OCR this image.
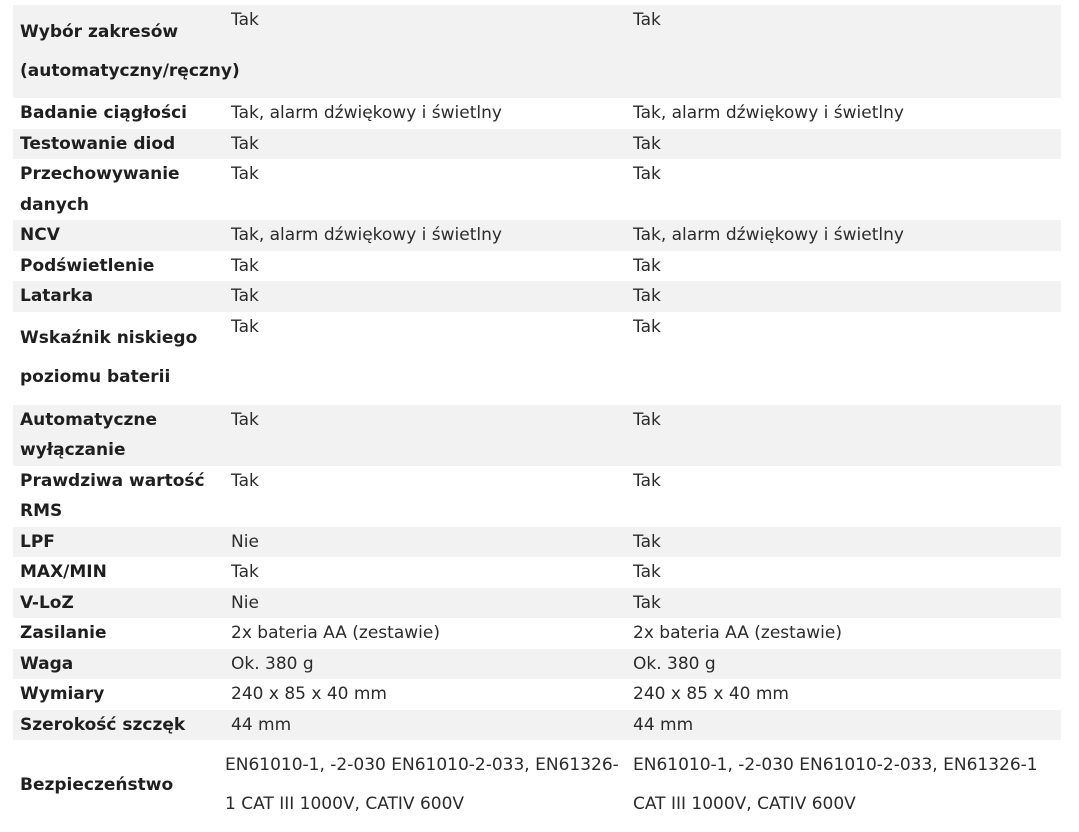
Wybór zakresów (automatyczny/ręczny)	Tak	Tak
Badanie ciągłości	Tak, alarm dźwiękowy i świetlny	Tak, alarm dźwiękowy i świetlny
Testowanie diod	Tak	Tak
Przechowywanie danych	Tak	Tak
NCV	Tak, alarm dźwiękowy i świetlny	Tak, alarm dźwiękowy i świetlny
Podświetlenie	Tak	Tak
Latarka	Tak	Tak
Wskaźnik niskiego poziomu baterii	Tak	Tak
Automatyczne wyłączanie	Tak	Tak
Prawdziwa wartość RMS	Tak	Tak
LPF	Nie	Tak
MAX/MIN	Tak	Tak
V-LoZ	Nie	Tak
Zasilanie	2x bateria AA (zestawie)	2x bateria AA (zestawie)
Waga	Ok. 380 g	Ok. 380 g
Wymiary	240 x 85 x 40 mm	240 x 85 x 40 mm
Szerokość szczęk	44 mm	44 mm
Bezpieczeństwo	EN61010-1, -2-030 EN61010-2-033, EN61326-1 CAT III 1000V, CATIV 600V	EN61010-1, -2-030 EN61010-2-033, EN61326-1 CAT III 1000V, CATIV 600V
